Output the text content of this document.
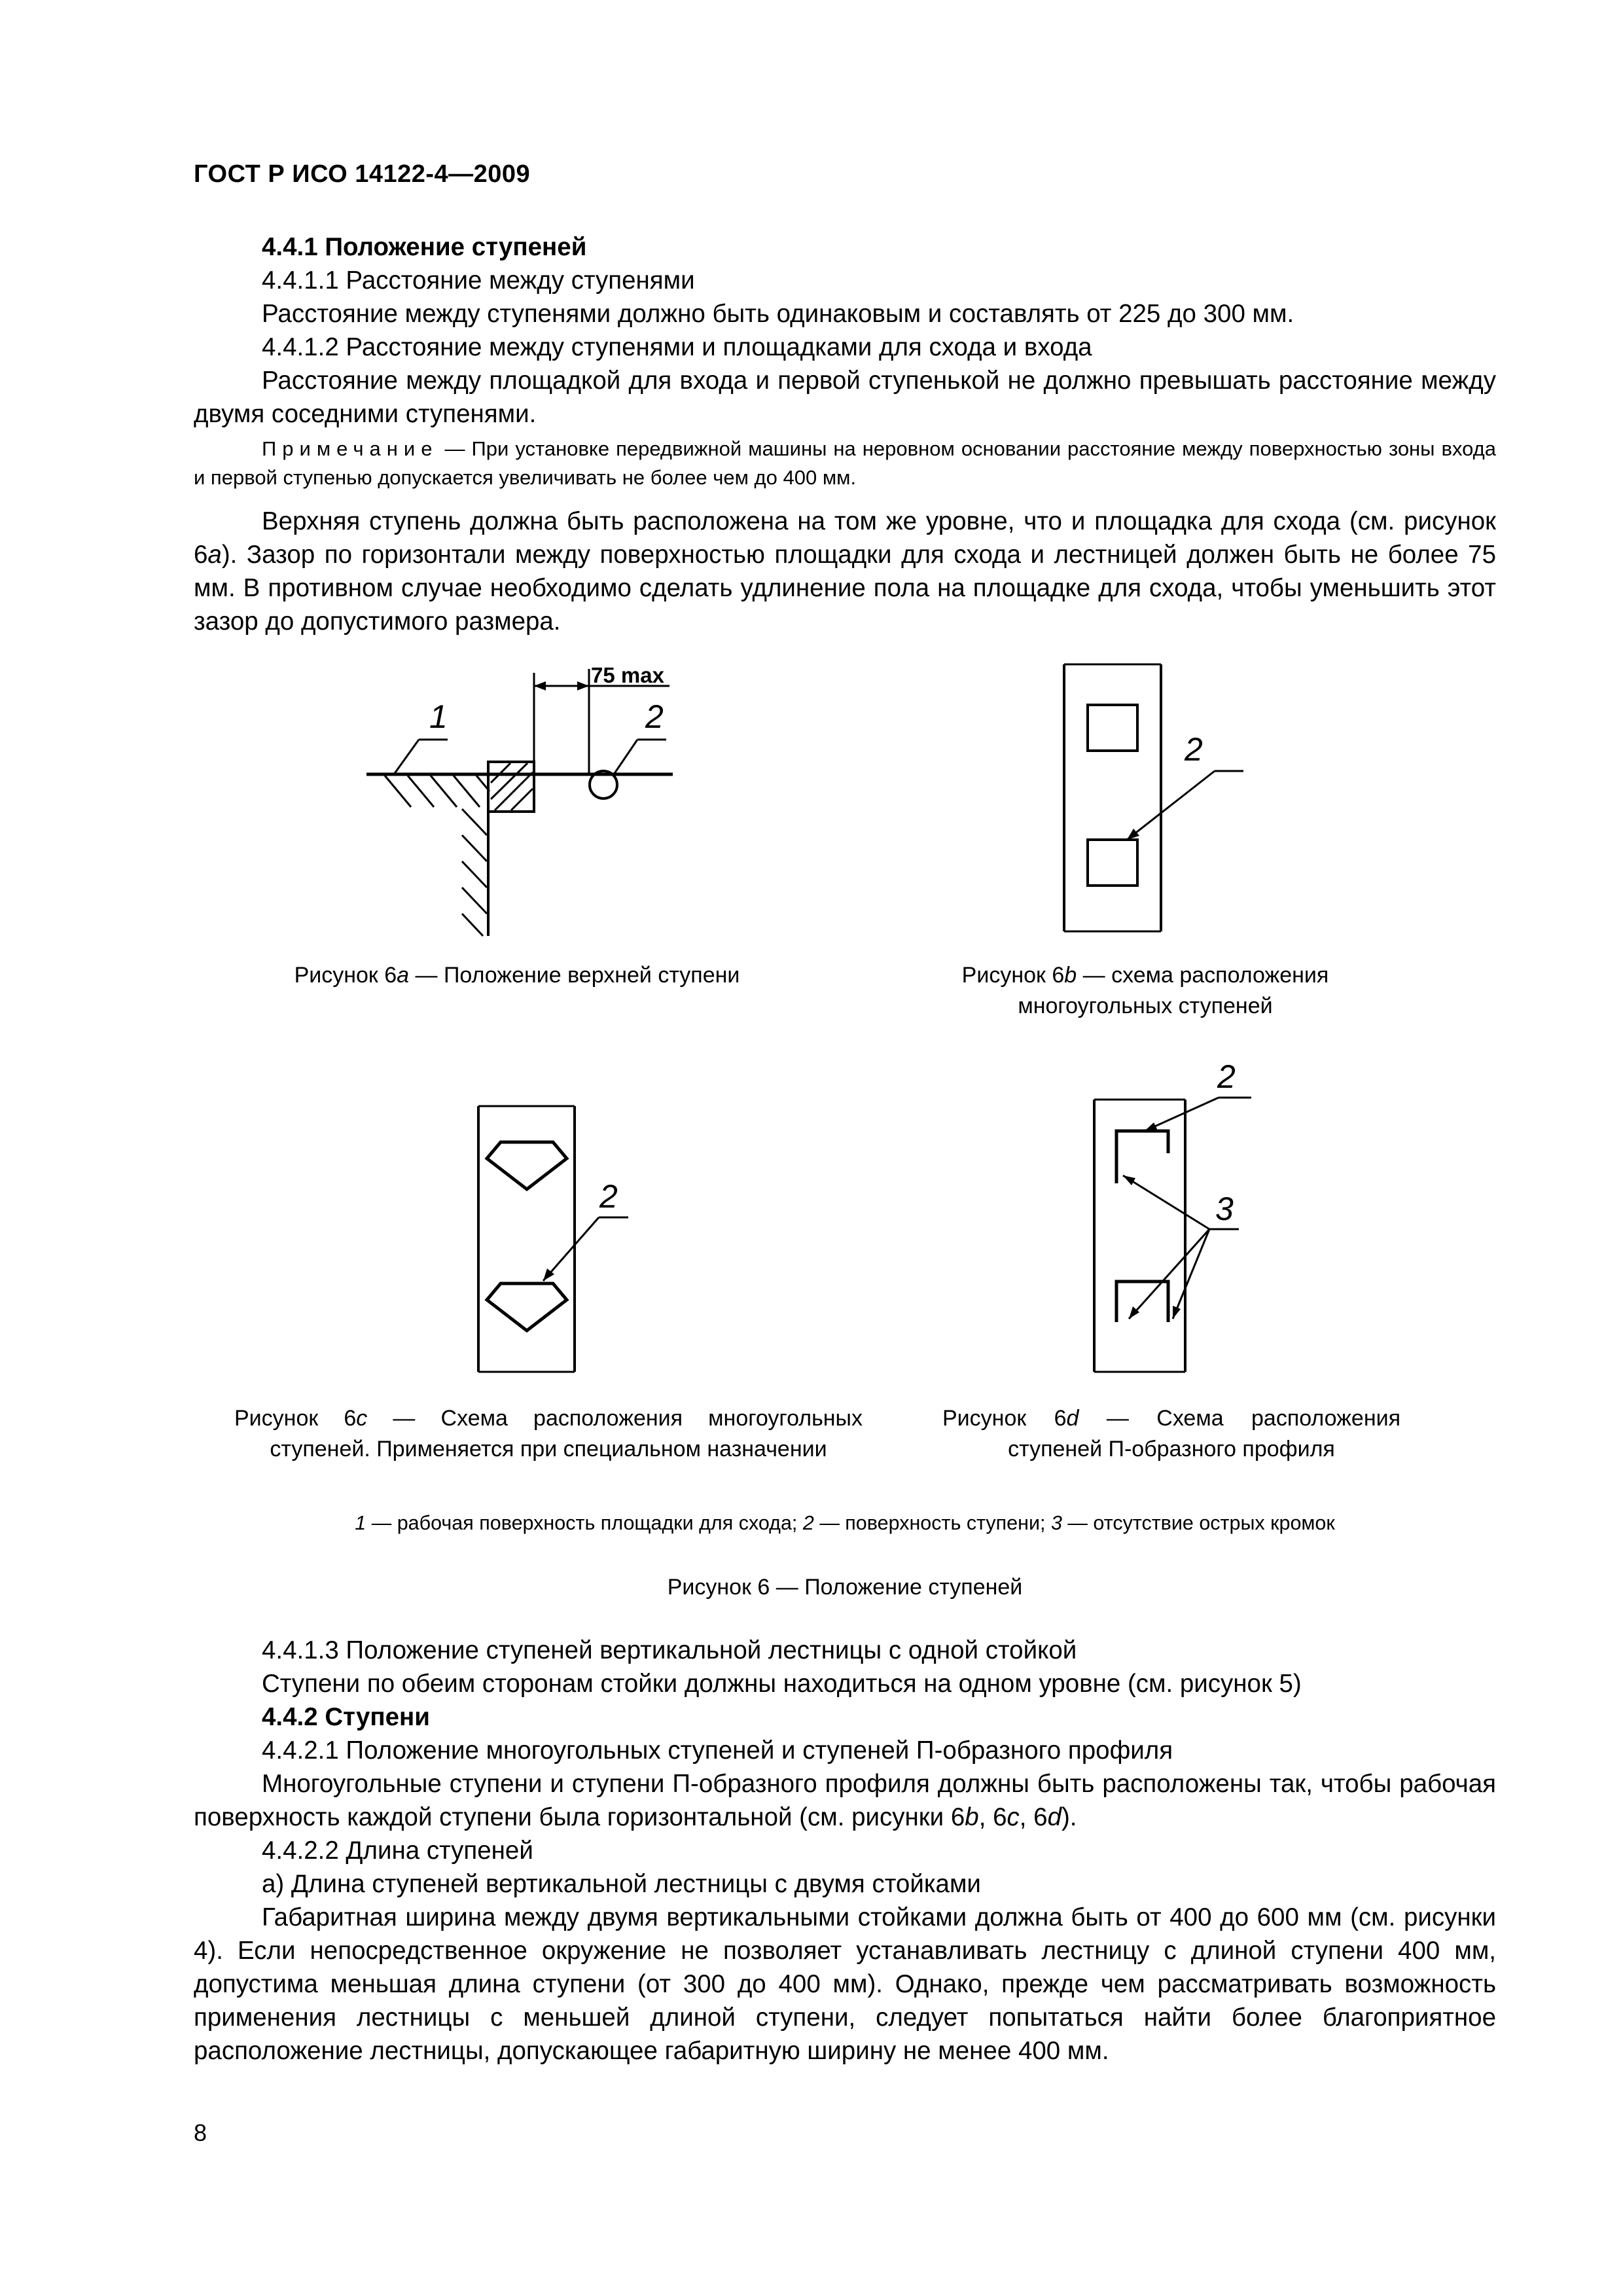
ГОСТ Р ИСО 14122-4—2009
4.4.1 Положение ступеней
4.4.1.1 Расстояние между ступенями
Расстояние между ступенями должно быть одинаковым и составлять от 225 до 300 мм.
4.4.1.2 Расстояние между ступенями и площадками для схода и входа
Расстояние между площадкой для входа и первой ступенькой не должно превышать расстояние между двумя соседними ступенями.
Примечание — При установке передвижной машины на неровном основании расстояние между поверхностью зоны входа и первой ступенью допускается увеличивать не более чем до 400 мм.
Верхняя ступень должна быть расположена на том же уровне, что и площадка для схода (см. рисунок 6а). Зазор по горизонтали между поверхностью площадки для схода и лестницей должен быть не более 75 мм. В противном случае необходимо сделать удлинение пола на площадке для схода, чтобы уменьшить этот зазор до допустимого размера.
75 max
1	2
2
2
2
3
Рисунок 6а — Положение верхней ступени	Рисунок 6b — схема расположения многоугольных ступеней
Рисунок 6с — Схема расположения многоугольных ступеней. Применяется при специальном назначении
Рисунок 6d — Схема расположения ступеней П-образного профиля
1 — рабочая поверхность площадки для схода; 2 — поверхность ступени; 3 — отсутствие острых кромок
Рисунок 6 — Положение ступеней
4.4.1.3 Положение ступеней вертикальной лестницы с одной стойкой
Ступени по обеим сторонам стойки должны находиться на одном уровне (см. рисунок 5)
4.4.2 Ступени
4.4.2.1 Положение многоугольных ступеней и ступеней П-образного профиля
Многоугольные ступени и ступени П-образного профиля должны быть расположены так, чтобы рабочая поверхность каждой ступени была горизонтальной (см. рисунки 6b, 6с, 6d).
4.4.2.2 Длина ступеней
а) Длина ступеней вертикальной лестницы с двумя стойками
Габаритная ширина между двумя вертикальными стойками должна быть от 400 до 600 мм (см. рисунки 4). Если непосредственное окружение не позволяет устанавливать лестницу с длиной ступени 400 мм, допустима меньшая длина ступени (от 300 до 400 мм). Однако, прежде чем рассматривать возможность применения лестницы с меньшей длиной ступени, следует попытаться найти более благоприятное расположение лестницы, допускающее габаритную ширину не менее 400 мм.
8
